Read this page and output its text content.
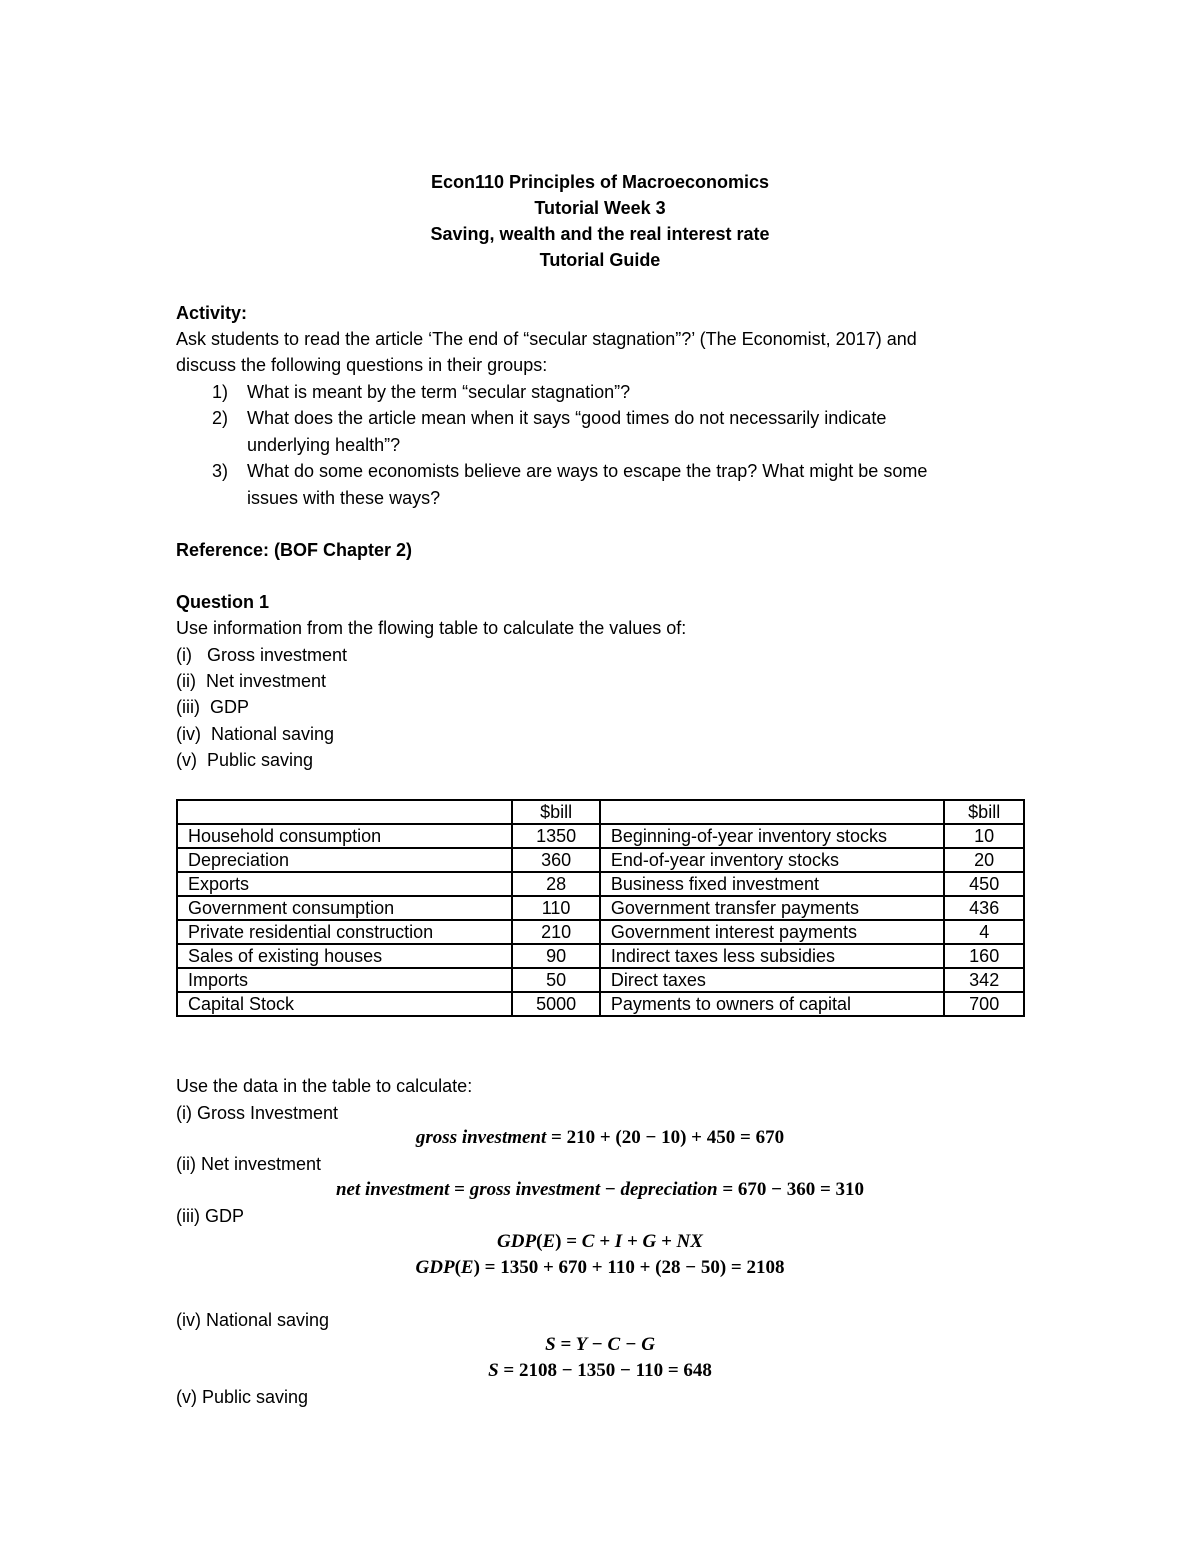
Econ110 Principles of Macroeconomics
Tutorial Week 3
Saving, wealth and the real interest rate
Tutorial Guide
Activity:
Ask students to read the article ‘The end of “secular stagnation”?’ (The Economist, 2017) and
discuss the following questions in their groups:
1) What is meant by the term “secular stagnation”?
2) What does the article mean when it says “good times do not necessarily indicate
underlying health”?
3) What do some economists believe are ways to escape the trap? What might be some
issues with these ways?
Reference: (BOF Chapter 2)
Question 1
Use information from the flowing table to calculate the values of:
(i)   Gross investment
(ii)  Net investment
(iii)  GDP
(iv)  National saving
(v)  Public saving
	$bill		$bill
Household consumption	1350	Beginning-of-year inventory stocks	10
Depreciation	360	End-of-year inventory stocks	20
Exports	28	Business fixed investment	450
Government consumption	110	Government transfer payments	436
Private residential construction	210	Government interest payments	4
Sales of existing houses	90	Indirect taxes less subsidies	160
Imports	50	Direct taxes	342
Capital Stock	5000	Payments to owners of capital	700
Use the data in the table to calculate:
(i) Gross Investment
gross investment = 210 + (20 − 10) + 450 = 670
(ii) Net investment
net investment = gross investment − depreciation = 670 − 360 = 310
(iii) GDP
GDP(E) = C + I + G + NX
GDP(E) = 1350 + 670 + 110 + (28 − 50) = 2108
(iv) National saving
S = Y − C − G
S = 2108 − 1350 − 110 = 648
(v) Public saving
